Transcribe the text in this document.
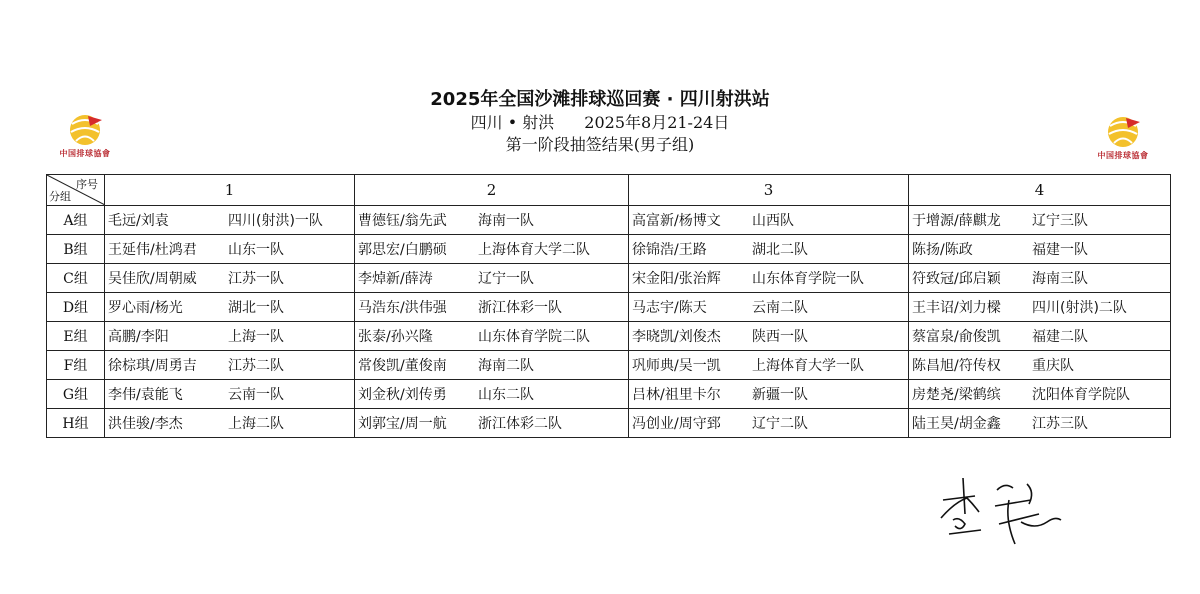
中国排球協會	中国排球協會
2025年全国沙滩排球巡回赛 · 四川射洪站
四川 • 射洪 2025年8月21-24日
第一阶段抽签结果(男子组)
序号
分组	1	2	3	4
A组	毛远/刘袁 四川(射洪)一队	曹德钰/翁先武 海南一队	高富新/杨博文 山西队	于增源/薛麒龙 辽宁三队
B组	王延伟/杜鸿君 山东一队	郭思宏/白鹏硕 上海体育大学二队	徐锦浩/王路 湖北二队	陈扬/陈政 福建一队
C组	吴佳欣/周朝威 江苏一队	李焯新/薛涛 辽宁一队	宋金阳/张治辉 山东体育学院一队	符致冠/邱启颖 海南三队
D组	罗心雨/杨光 湖北一队	马浩东/洪伟强 浙江体彩一队	马志宇/陈天 云南二队	王丰诏/刘力樑 四川(射洪)二队
E组	高鹏/李阳 上海一队	张泰/孙兴隆 山东体育学院二队	李晓凯/刘俊杰 陕西一队	蔡富泉/俞俊凯 福建二队
F组	徐棕琪/周勇吉 江苏二队	常俊凯/董俊南 海南二队	巩师典/吴一凯 上海体育大学一队	陈昌旭/符传权 重庆队
G组	李伟/袁能飞 云南一队	刘金秋/刘传勇 山东二队	吕林/祖里卡尔 新疆一队	房楚尧/梁鹤缤 沈阳体育学院队
H组	洪佳骏/李杰 上海二队	刘郭宝/周一航 浙江体彩二队	冯创业/周守郅 辽宁二队	陆王昊/胡金鑫 江苏三队
